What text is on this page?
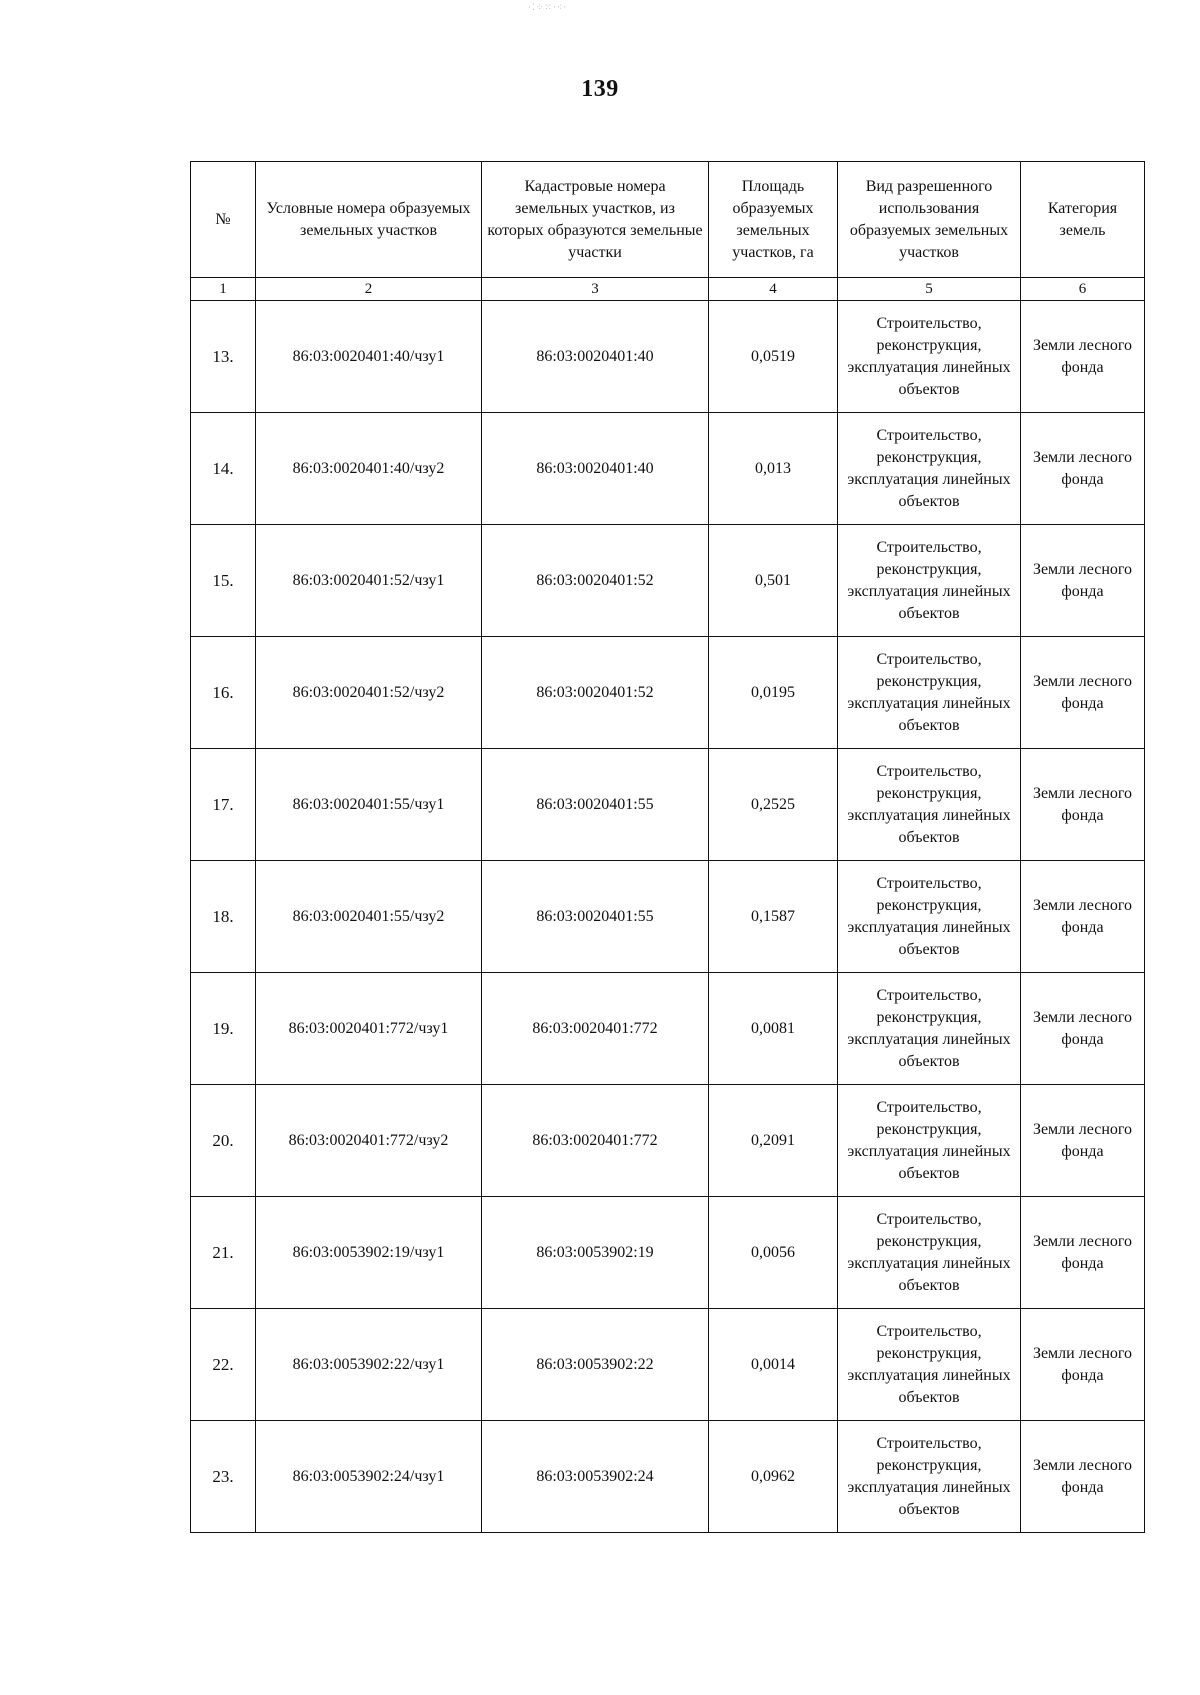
·⁚⁘⁙·⁖·
139
№	Условные номера образуемых земельных участков	Кадастровые номера земельных участков, из которых образуются земельные участки	Площадь образуемых земельных участков, га	Вид разрешенного использования образуемых земельных участков	Категория земель
1	2	3	4	5	6
13.	86:03:0020401:40/чзу1	86:03:0020401:40	0,0519	Строительство, реконструкция, эксплуатация линейных объектов	Земли лесного фонда
14.	86:03:0020401:40/чзу2	86:03:0020401:40	0,013	Строительство, реконструкция, эксплуатация линейных объектов	Земли лесного фонда
15.	86:03:0020401:52/чзу1	86:03:0020401:52	0,501	Строительство, реконструкция, эксплуатация линейных объектов	Земли лесного фонда
16.	86:03:0020401:52/чзу2	86:03:0020401:52	0,0195	Строительство, реконструкция, эксплуатация линейных объектов	Земли лесного фонда
17.	86:03:0020401:55/чзу1	86:03:0020401:55	0,2525	Строительство, реконструкция, эксплуатация линейных объектов	Земли лесного фонда
18.	86:03:0020401:55/чзу2	86:03:0020401:55	0,1587	Строительство, реконструкция, эксплуатация линейных объектов	Земли лесного фонда
19.	86:03:0020401:772/чзу1	86:03:0020401:772	0,0081	Строительство, реконструкция, эксплуатация линейных объектов	Земли лесного фонда
20.	86:03:0020401:772/чзу2	86:03:0020401:772	0,2091	Строительство, реконструкция, эксплуатация линейных объектов	Земли лесного фонда
21.	86:03:0053902:19/чзу1	86:03:0053902:19	0,0056	Строительство, реконструкция, эксплуатация линейных объектов	Земли лесного фонда
22.	86:03:0053902:22/чзу1	86:03:0053902:22	0,0014	Строительство, реконструкция, эксплуатация линейных объектов	Земли лесного фонда
23.	86:03:0053902:24/чзу1	86:03:0053902:24	0,0962	Строительство, реконструкция, эксплуатация линейных объектов	Земли лесного фонда
